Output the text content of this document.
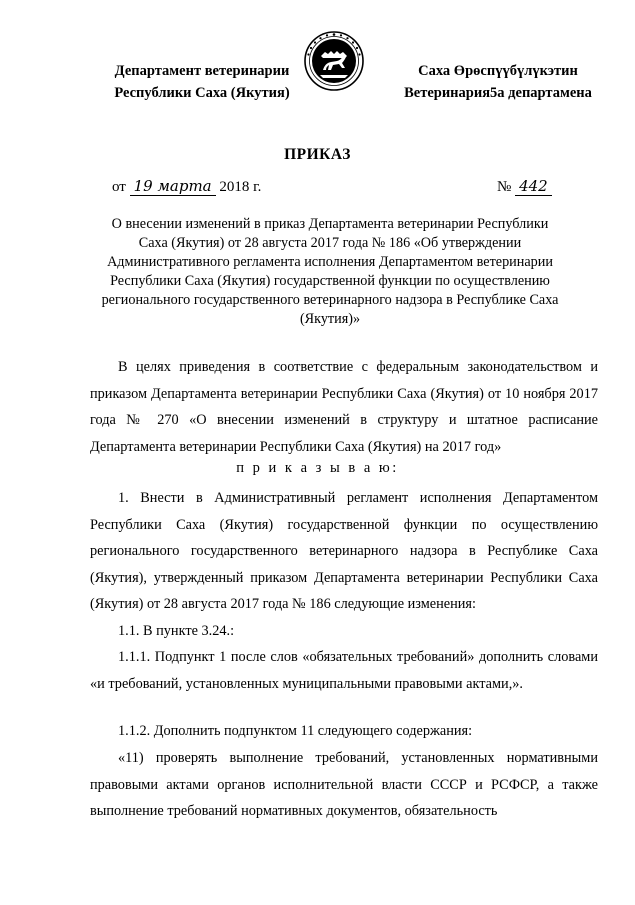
Департамент ветеринарии
Республики Саха (Якутия)
Саха Өрөспүүбүлүкэтин
Ветеринария5а департамена
ПРИКАЗ
от 19 марта 2018 г.	№ 442
О внесении изменений в приказ Департамента ветеринарии Республики Саха (Якутия) от 28 августа 2017 года № 186 «Об утверждении Административного регламента исполнения Департаментом ветеринарии Республики Саха (Якутия) государственной функции по осуществлению регионального государственного ветеринарного надзора в Республике Саха (Якутия)»
В целях приведения в соответствие с федеральным законодательством и приказом Департамента ветеринарии Республики Саха (Якутия) от 10 ноября 2017 года № 270 «О внесении изменений в структуру и штатное расписание Департамента ветеринарии Республики Саха (Якутия) на 2017 год»
п р и к а з ы в а ю:
1. Внести в Административный регламент исполнения Департаментом Республики Саха (Якутия) государственной функции по осуществлению регионального государственного ветеринарного надзора в Республике Саха (Якутия), утвержденный приказом Департамента ветеринарии Республики Саха (Якутия) от 28 августа 2017 года № 186 следующие изменения:
1.1. В пункте 3.24.:
1.1.1. Подпункт 1 после слов «обязательных требований» дополнить словами «и требований, установленных муниципальными правовыми актами,».
1.1.2. Дополнить подпунктом 11 следующего содержания:
«11) проверять выполнение требований, установленных нормативными правовыми актами органов исполнительной власти СССР и РСФСР, а также выполнение требований нормативных документов, обязательность
